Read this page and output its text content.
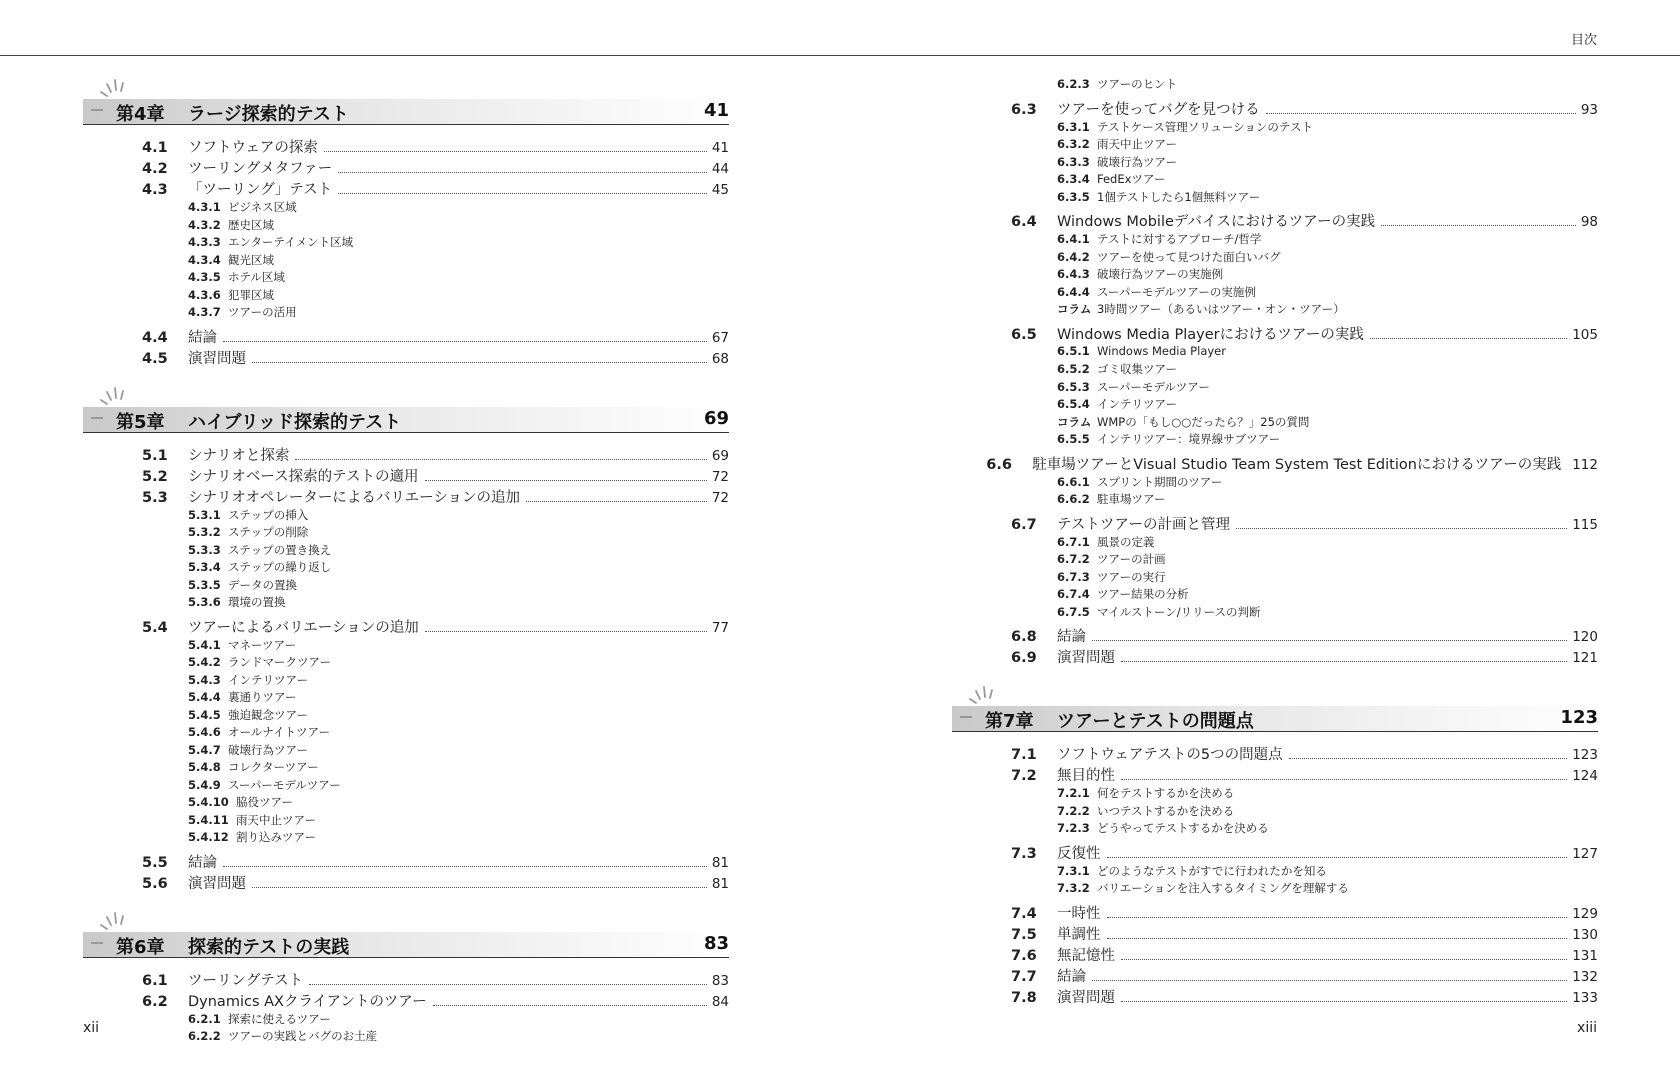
目次
第4章 ラージ探索的テスト	41
4.1	ソフトウェアの探索	41
4.2	ツーリングメタファー	44
4.3	「ツーリング」テスト	45
4.3.1 ビジネス区域
4.3.2 歴史区域
4.3.3 エンターテイメント区域
4.3.4 観光区域
4.3.5 ホテル区域
4.3.6 犯罪区域
4.3.7 ツアーの活用
4.4	結論	67
4.5	演習問題	68
第5章 ハイブリッド探索的テスト	69
5.1	シナリオと探索	69
5.2	シナリオベース探索的テストの適用	72
5.3	シナリオオペレーターによるバリエーションの追加	72
5.3.1 ステップの挿入
5.3.2 ステップの削除
5.3.3 ステップの置き換え
5.3.4 ステップの繰り返し
5.3.5 データの置換
5.3.6 環境の置換
5.4	ツアーによるバリエーションの追加	77
5.4.1 マネーツアー
5.4.2 ランドマークツアー
5.4.3 インテリツアー
5.4.4 裏通りツアー
5.4.5 強迫観念ツアー
5.4.6 オールナイトツアー
5.4.7 破壊行為ツアー
5.4.8 コレクターツアー
5.4.9 スーパーモデルツアー
5.4.10 脇役ツアー
5.4.11 雨天中止ツアー
5.4.12 割り込みツアー
5.5	結論	81
5.6	演習問題	81
第6章 探索的テストの実践	83
6.1	ツーリングテスト	83
6.2	Dynamics AXクライアントのツアー	84
6.2.1 探索に使えるツアー
6.2.2 ツアーの実践とバグのお土産
6.2.3 ツアーのヒント
6.3	ツアーを使ってバグを見つける	93
6.3.1 テストケース管理ソリューションのテスト
6.3.2 雨天中止ツアー
6.3.3 破壊行為ツアー
6.3.4 FedExツアー
6.3.5 1個テストしたら1個無料ツアー
6.4	Windows Mobileデバイスにおけるツアーの実践	98
6.4.1 テストに対するアプローチ/哲学
6.4.2 ツアーを使って見つけた面白いバグ
6.4.3 破壊行為ツアーの実施例
6.4.4 スーパーモデルツアーの実施例
コラム 3時間ツアー（あるいはツアー・オン・ツアー）
6.5	Windows Media Playerにおけるツアーの実践	105
6.5.1 Windows Media Player
6.5.2 ゴミ収集ツアー
6.5.3 スーパーモデルツアー
6.5.4 インテリツアー
コラム WMPの「もし○○だったら？」25の質問
6.5.5 インテリツアー：境界線サブツアー
6.6	駐車場ツアーとVisual Studio Team System Test Editionにおけるツアーの実践 112
6.6.1 スプリント期間のツアー
6.6.2 駐車場ツアー
6.7	テストツアーの計画と管理	115
6.7.1 風景の定義
6.7.2 ツアーの計画
6.7.3 ツアーの実行
6.7.4 ツアー結果の分析
6.7.5 マイルストーン/リリースの判断
6.8	結論	120
6.9	演習問題	121
第7章 ツアーとテストの問題点	123
7.1	ソフトウェアテストの5つの問題点	123
7.2	無目的性	124
7.2.1 何をテストするかを決める
7.2.2 いつテストするかを決める
7.2.3 どうやってテストするかを決める
7.3	反復性	127
7.3.1 どのようなテストがすでに行われたかを知る
7.3.2 バリエーションを注入するタイミングを理解する
7.4	一時性	129
7.5	単調性	130
7.6	無記憶性	131
7.7	結論	132
7.8	演習問題	133
xii	xiii
